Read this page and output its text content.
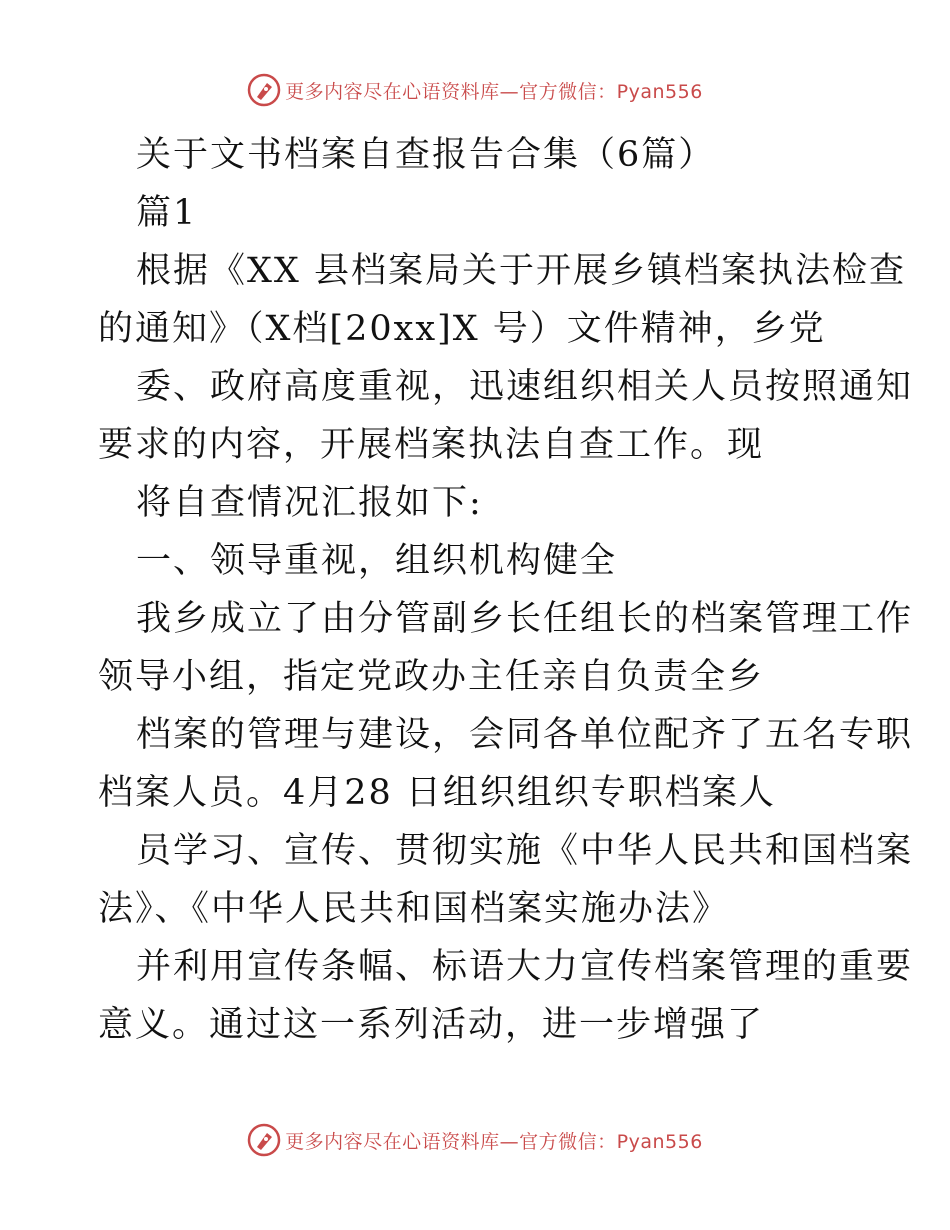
更多内容尽在心语资料库—官方微信：Pyan556
关于文书档案自查报告合集（6篇）
篇1
根据《XX 县档案局关于开展乡镇档案执法检查
的通知》（X档[20xx]X 号）文件精神，乡党
委、政府高度重视，迅速组织相关人员按照通知
要求的内容，开展档案执法自查工作。现
将自查情况汇报如下:
一、领导重视，组织机构健全
我乡成立了由分管副乡长任组长的档案管理工作
领导小组，指定党政办主任亲自负责全乡
档案的管理与建设，会同各单位配齐了五名专职
档案人员。4月28 日组织组织专职档案人
员学习、宣传、贯彻实施《中华人民共和国档案
法》、《中华人民共和国档案实施办法》
并利用宣传条幅、标语大力宣传档案管理的重要
意义。通过这一系列活动，进一步增强了
更多内容尽在心语资料库—官方微信：Pyan556
